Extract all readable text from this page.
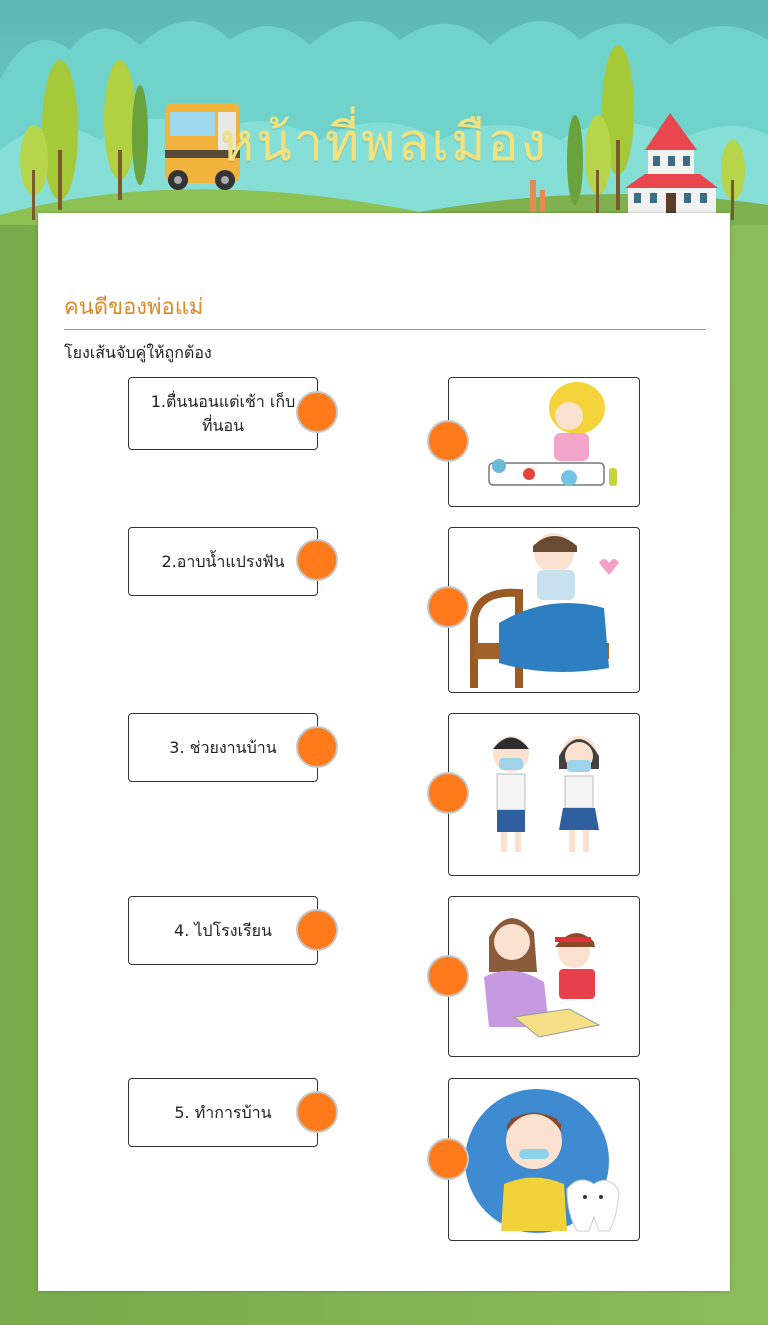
หน้าที่พลเมือง
คนดีของพ่อแม่
โยงเส้นจับคู่ให้ถูกต้อง
1.ตื่นนอนแต่เช้า เก็บที่นอน
2.อาบน้ำแปรงฟัน
3. ช่วยงานบ้าน
4. ไปโรงเรียน
5. ทำการบ้าน
